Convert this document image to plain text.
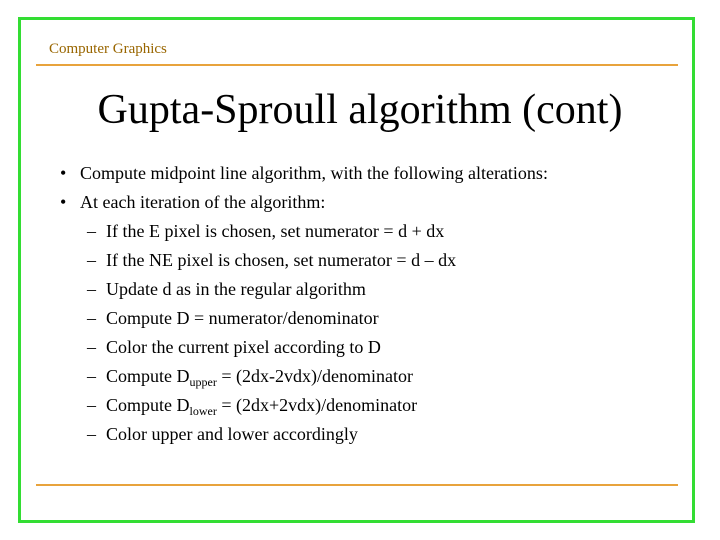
Computer Graphics
Gupta-Sproull algorithm (cont)
• Compute midpoint line algorithm, with the following alterations:
• At each iteration of the algorithm:
– If the E pixel is chosen, set numerator = d + dx
– If the NE pixel is chosen, set numerator = d – dx
– Update d as in the regular algorithm
– Compute D = numerator/denominator
– Color the current pixel according to D
– Compute $D_{upper}$ = (2dx-2vdx)/denominator
– Compute $D_{lower}$ = (2dx+2vdx)/denominator
– Color upper and lower accordingly
